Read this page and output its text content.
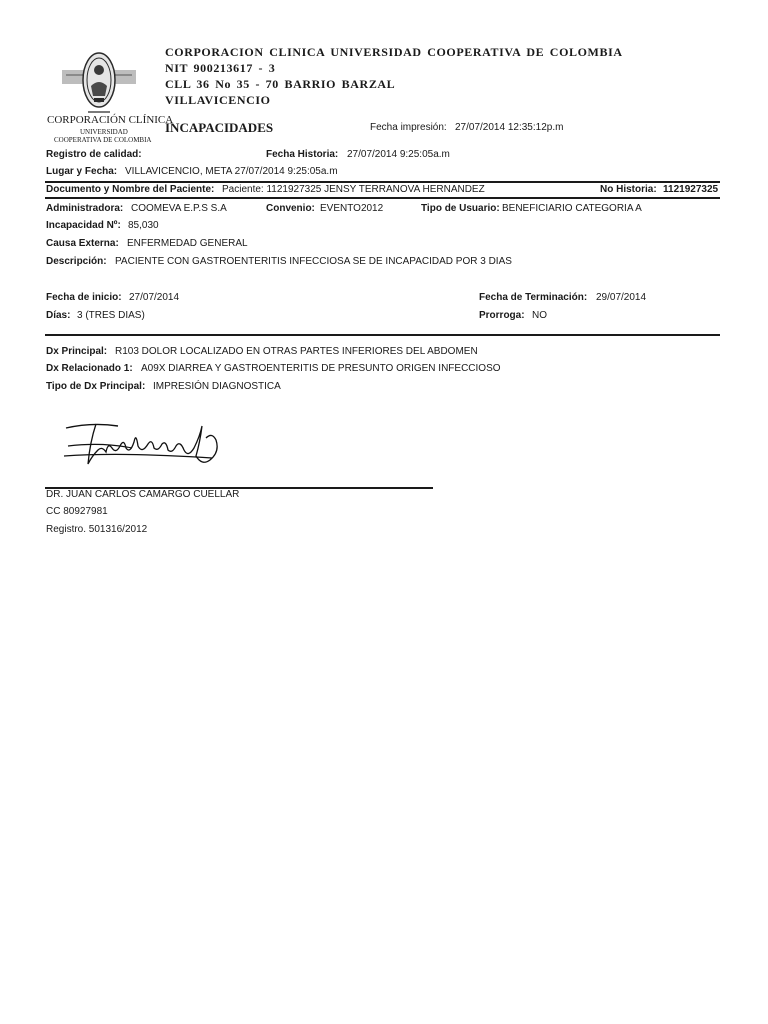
CORPORACIÓN CLÍNICA
UNIVERSIDAD
COOPERATIVA DE COLOMBIA
CORPORACION CLINICA UNIVERSIDAD COOPERATIVA DE COLOMBIA
NIT 900213617 - 3
CLL 36 No 35 - 70 BARRIO BARZAL
VILLAVICENCIO
INCAPACIDADES	Fecha impresión: 27/07/2014 12:35:12p.m
Registro de calidad:	Fecha Historia: 27/07/2014 9:25:05a.m
Lugar y Fecha: VILLAVICENCIO, META 27/07/2014 9:25:05a.m
Documento y Nombre del Paciente: Paciente: 1121927325 JENSY TERRANOVA HERNANDEZ	No Historia: 1121927325
Administradora: COOMEVA E.P.S S.A	Convenio: EVENTO2012	Tipo de Usuario: BENEFICIARIO CATEGORIA A
Incapacidad Nº: 85,030
Causa Externa: ENFERMEDAD GENERAL
Descripción: PACIENTE CON GASTROENTERITIS INFECCIOSA SE DE INCAPACIDAD POR 3 DIAS
Fecha de inicio: 27/07/2014	Fecha de Terminación: 29/07/2014
Días: 3 (TRES DIAS)	Prorroga: NO
Dx Principal: R103 DOLOR LOCALIZADO EN OTRAS PARTES INFERIORES DEL ABDOMEN
Dx Relacionado 1: A09X DIARREA Y GASTROENTERITIS DE PRESUNTO ORIGEN INFECCIOSO
Tipo de Dx Principal: IMPRESIÓN DIAGNOSTICA
DR. JUAN CARLOS CAMARGO CUELLAR
CC 80927981
Registro. 501316/2012
